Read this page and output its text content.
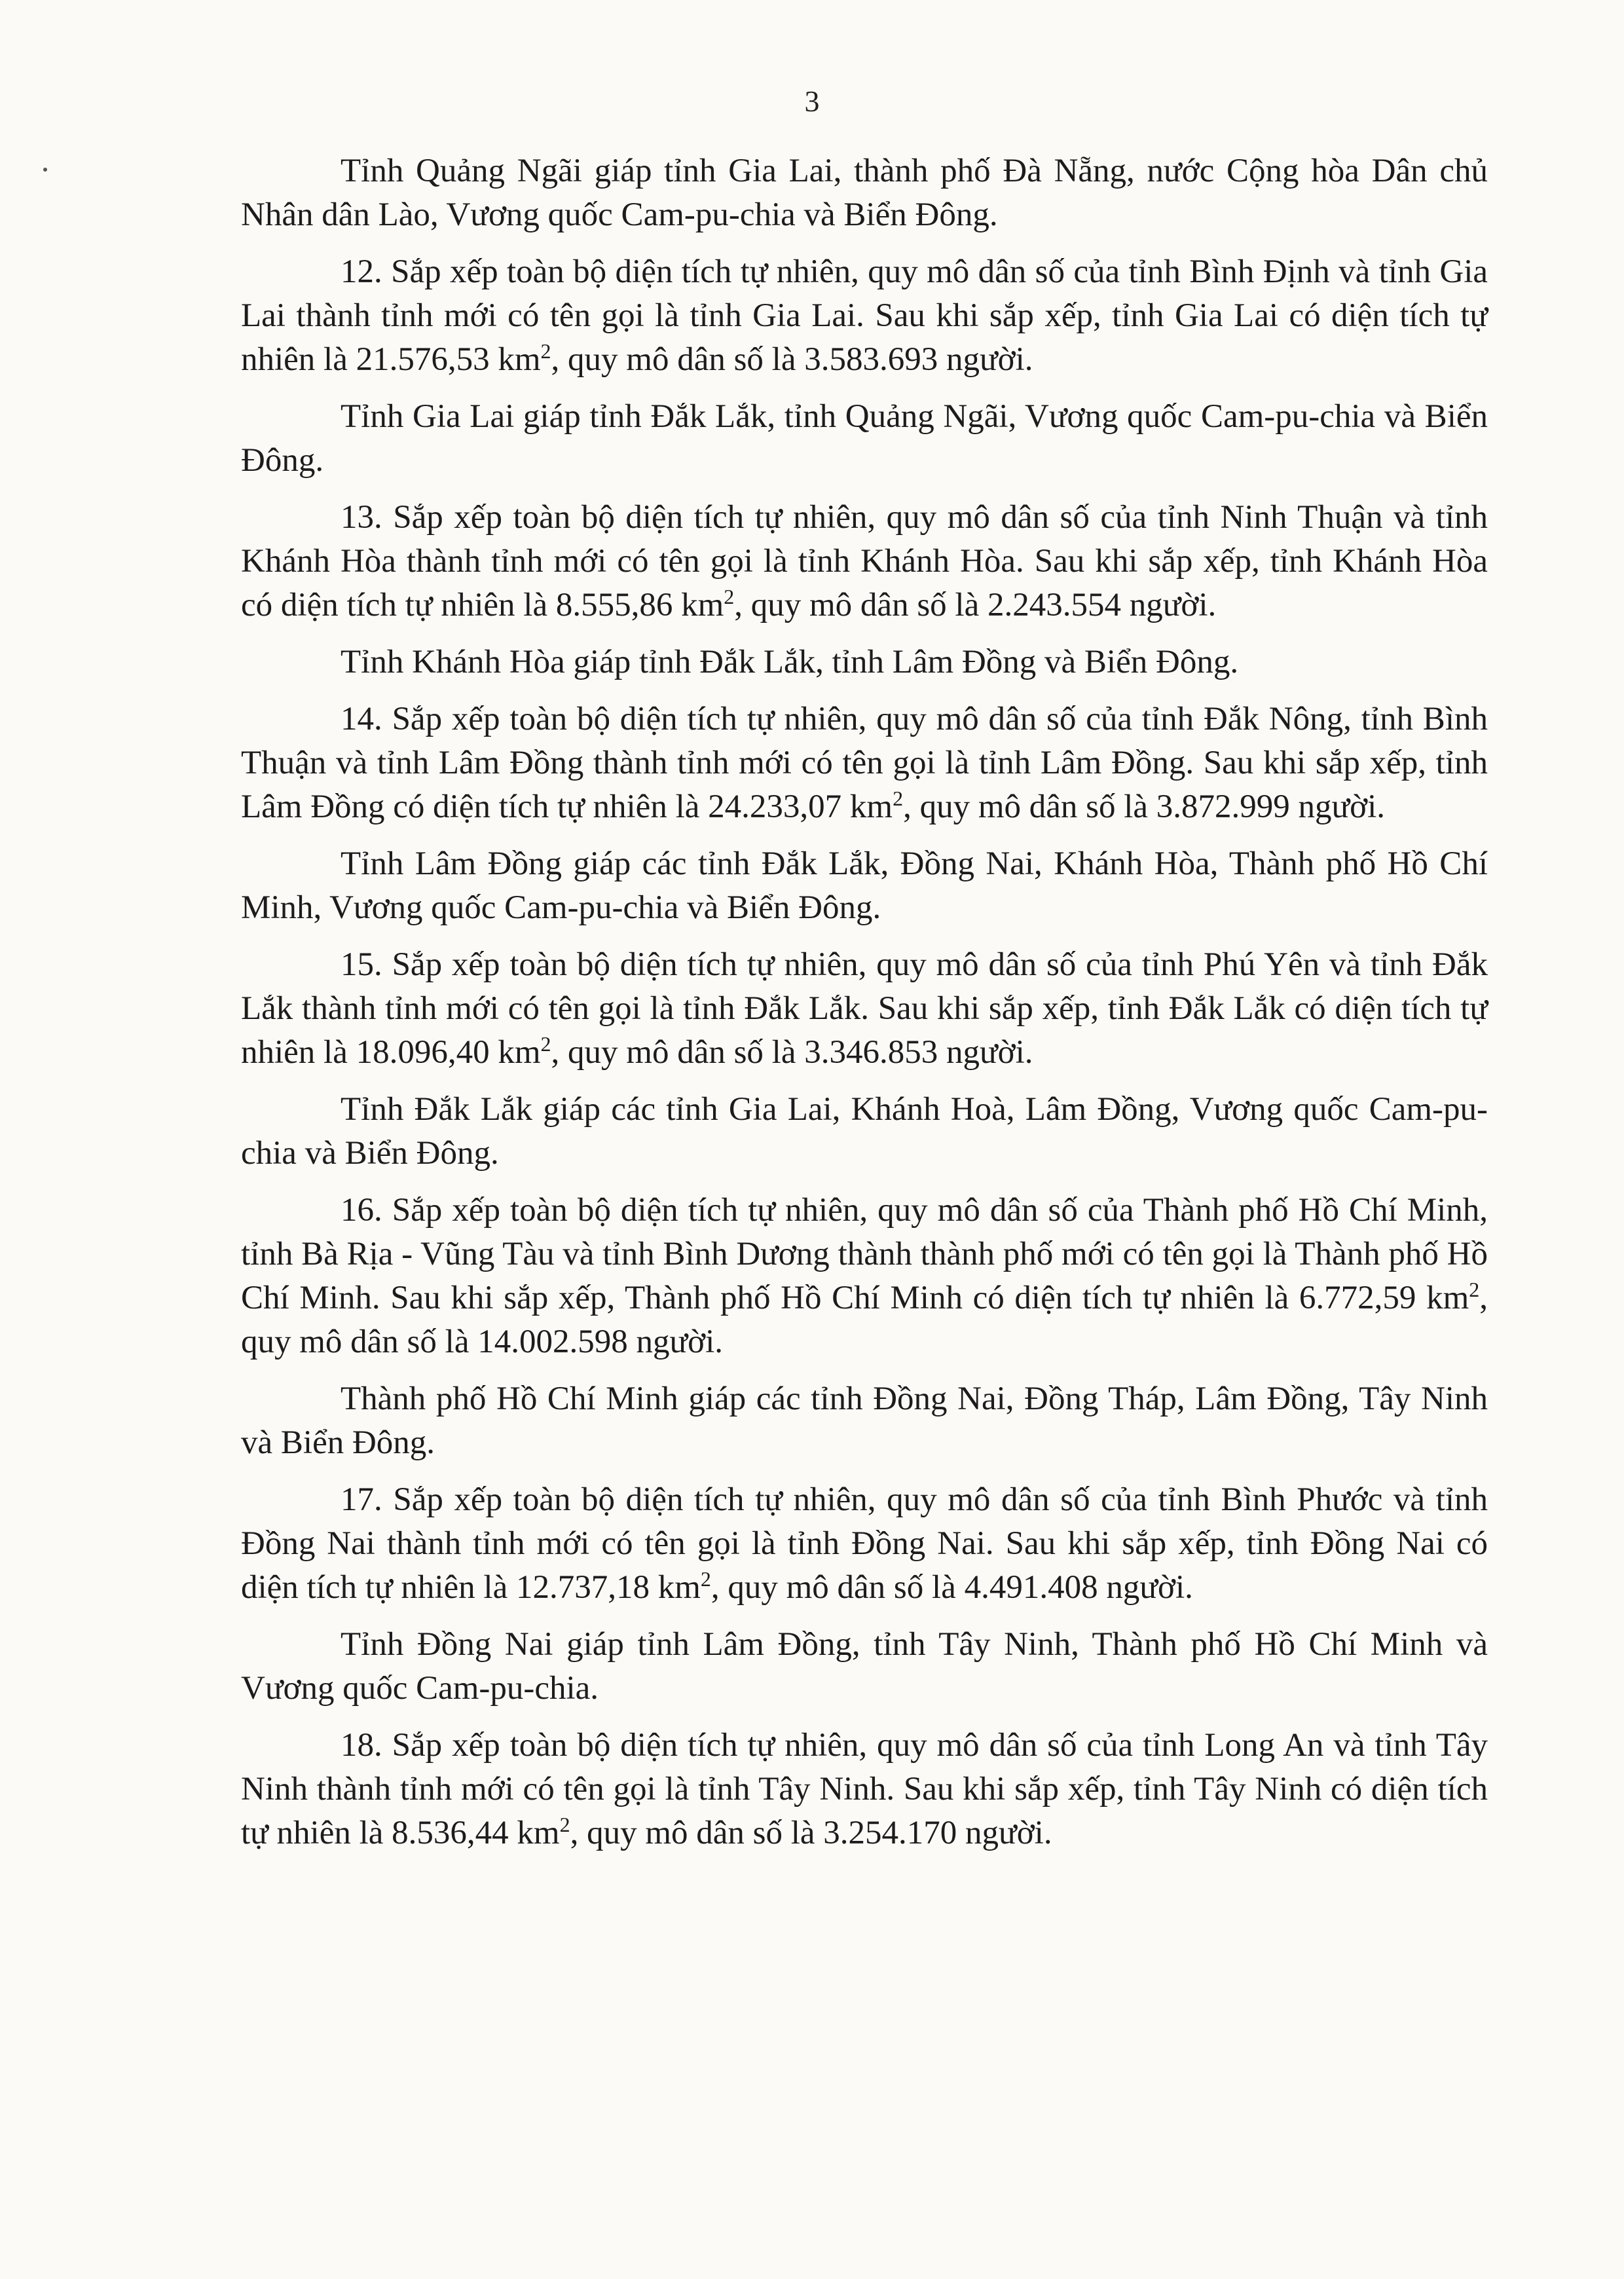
3

Tỉnh Quảng Ngãi giáp tỉnh Gia Lai, thành phố Đà Nẵng, nước Cộng hòa Dân chủ Nhân dân Lào, Vương quốc Cam-pu-chia và Biển Đông.

12. Sắp xếp toàn bộ diện tích tự nhiên, quy mô dân số của tỉnh Bình Định và tỉnh Gia Lai thành tỉnh mới có tên gọi là tỉnh Gia Lai. Sau khi sắp xếp, tỉnh Gia Lai có diện tích tự nhiên là 21.576,53 $km^2$, quy mô dân số là 3.583.693 người.

Tỉnh Gia Lai giáp tỉnh Đắk Lắk, tỉnh Quảng Ngãi, Vương quốc Cam-pu-chia và Biển Đông.

13. Sắp xếp toàn bộ diện tích tự nhiên, quy mô dân số của tỉnh Ninh Thuận và tỉnh Khánh Hòa thành tỉnh mới có tên gọi là tỉnh Khánh Hòa. Sau khi sắp xếp, tỉnh Khánh Hòa có diện tích tự nhiên là 8.555,86 $km^2$, quy mô dân số là 2.243.554 người.

Tỉnh Khánh Hòa giáp tỉnh Đắk Lắk, tỉnh Lâm Đồng và Biển Đông.

14. Sắp xếp toàn bộ diện tích tự nhiên, quy mô dân số của tỉnh Đắk Nông, tỉnh Bình Thuận và tỉnh Lâm Đồng thành tỉnh mới có tên gọi là tỉnh Lâm Đồng. Sau khi sắp xếp, tỉnh Lâm Đồng có diện tích tự nhiên là 24.233,07 $km^2$, quy mô dân số là 3.872.999 người.

Tỉnh Lâm Đồng giáp các tỉnh Đắk Lắk, Đồng Nai, Khánh Hòa, Thành phố Hồ Chí Minh, Vương quốc Cam-pu-chia và Biển Đông.

15. Sắp xếp toàn bộ diện tích tự nhiên, quy mô dân số của tỉnh Phú Yên và tỉnh Đắk Lắk thành tỉnh mới có tên gọi là tỉnh Đắk Lắk. Sau khi sắp xếp, tỉnh Đắk Lắk có diện tích tự nhiên là 18.096,40 $km^2$, quy mô dân số là 3.346.853 người.

Tỉnh Đắk Lắk giáp các tỉnh Gia Lai, Khánh Hoà, Lâm Đồng, Vương quốc Cam-pu-chia và Biển Đông.

16. Sắp xếp toàn bộ diện tích tự nhiên, quy mô dân số của Thành phố Hồ Chí Minh, tỉnh Bà Rịa - Vũng Tàu và tỉnh Bình Dương thành thành phố mới có tên gọi là Thành phố Hồ Chí Minh. Sau khi sắp xếp, Thành phố Hồ Chí Minh có diện tích tự nhiên là 6.772,59 $km^2$, quy mô dân số là 14.002.598 người.

Thành phố Hồ Chí Minh giáp các tỉnh Đồng Nai, Đồng Tháp, Lâm Đồng, Tây Ninh và Biển Đông.

17. Sắp xếp toàn bộ diện tích tự nhiên, quy mô dân số của tỉnh Bình Phước và tỉnh Đồng Nai thành tỉnh mới có tên gọi là tỉnh Đồng Nai. Sau khi sắp xếp, tỉnh Đồng Nai có diện tích tự nhiên là 12.737,18 $km^2$, quy mô dân số là 4.491.408 người.

Tỉnh Đồng Nai giáp tỉnh Lâm Đồng, tỉnh Tây Ninh, Thành phố Hồ Chí Minh và Vương quốc Cam-pu-chia.

18. Sắp xếp toàn bộ diện tích tự nhiên, quy mô dân số của tỉnh Long An và tỉnh Tây Ninh thành tỉnh mới có tên gọi là tỉnh Tây Ninh. Sau khi sắp xếp, tỉnh Tây Ninh có diện tích tự nhiên là 8.536,44 $km^2$, quy mô dân số là 3.254.170 người.
